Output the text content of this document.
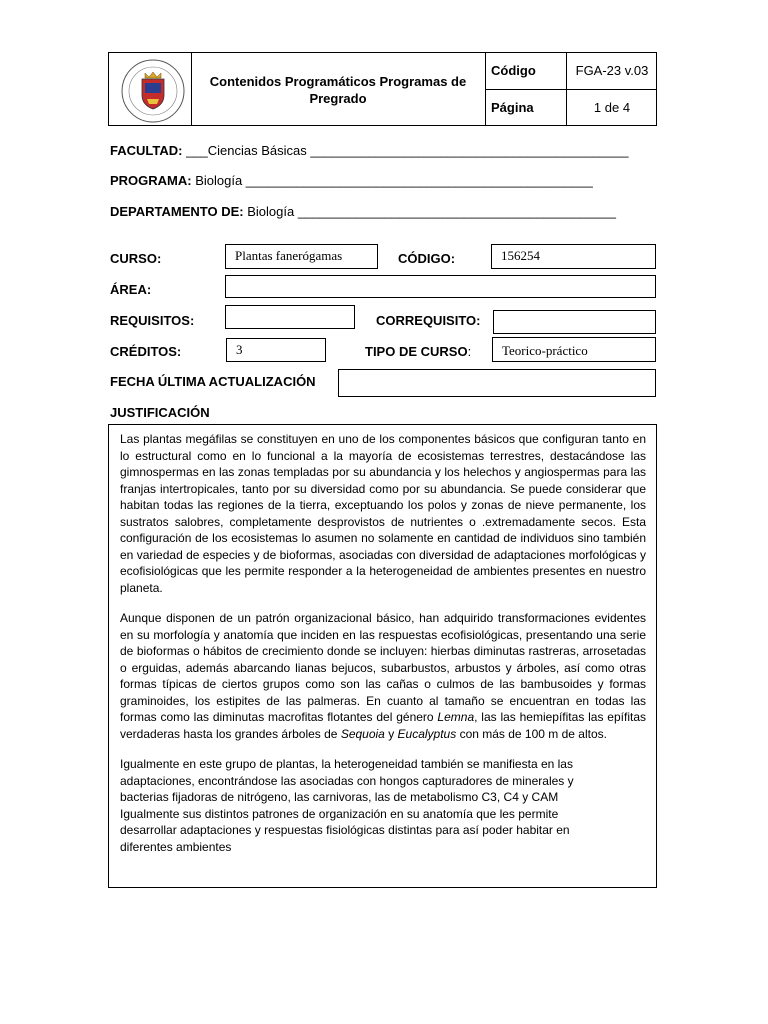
Contenidos Programáticos Programas de Pregrado
Código	FGA-23 v.03
Página	1 de 4
FACULTAD: ___Ciencias Básicas ____________________________________________
PROGRAMA: Biología ________________________________________________
DEPARTAMENTO DE: Biología ____________________________________________
CURSO:	Plantas fanerógamas	CÓDIGO:	156254
ÁREA:
REQUISITOS:	CORREQUISITO:
CRÉDITOS:	3	TIPO DE CURSO:	Teorico-práctico
FECHA ÚLTIMA ACTUALIZACIÓN
JUSTIFICACIÓN

Las plantas megáfilas se constituyen en uno de los componentes básicos que configuran tanto en lo estructural como en lo funcional a la mayoría de ecosistemas terrestres, destacándose las gimnospermas en las zonas templadas por su abundancia y los helechos y angiospermas para las franjas intertropicales, tanto por su diversidad como por su abundancia. Se puede considerar que habitan todas las regiones de la tierra, exceptuando los polos y zonas de nieve permanente, los sustratos salobres, completamente desprovistos de nutrientes o .extremadamente secos. Esta configuración de los ecosistemas lo asumen no solamente en cantidad de individuos sino también en variedad de especies y de bioformas, asociadas con diversidad de adaptaciones morfológicas y ecofisiológicas que les permite responder a la heterogeneidad de ambientes presentes en nuestro planeta.

Aunque disponen de un patrón organizacional básico, han adquirido transformaciones evidentes en su morfología y anatomía que inciden en las respuestas ecofisiológicas, presentando una serie de bioformas o hábitos de crecimiento donde se incluyen: hierbas diminutas rastreras, arrosetadas o erguidas, además abarcando lianas bejucos, subarbustos, arbustos y árboles, así como otras formas típicas de ciertos grupos como son las cañas o culmos de las bambusoides y formas graminoides, los estipites de las palmeras. En cuanto al tamaño se encuentran en todas las formas como las diminutas macrofitas flotantes del género Lemna, las las hemiepífitas las epífitas verdaderas hasta los grandes árboles de Sequoia y Eucalyptus con más de 100 m de altos.

Igualmente en este grupo de plantas, la heterogeneidad también se manifiesta en las
adaptaciones, encontrándose las asociadas con hongos capturadores de minerales y
bacterias fijadoras de nitrógeno, las carnivoras, las de metabolismo C3, C4 y CAM
Igualmente sus distintos patrones de organización en su anatomía que les permite
desarrollar adaptaciones y respuestas fisiológicas distintas para así poder habitar en
diferentes ambientes
